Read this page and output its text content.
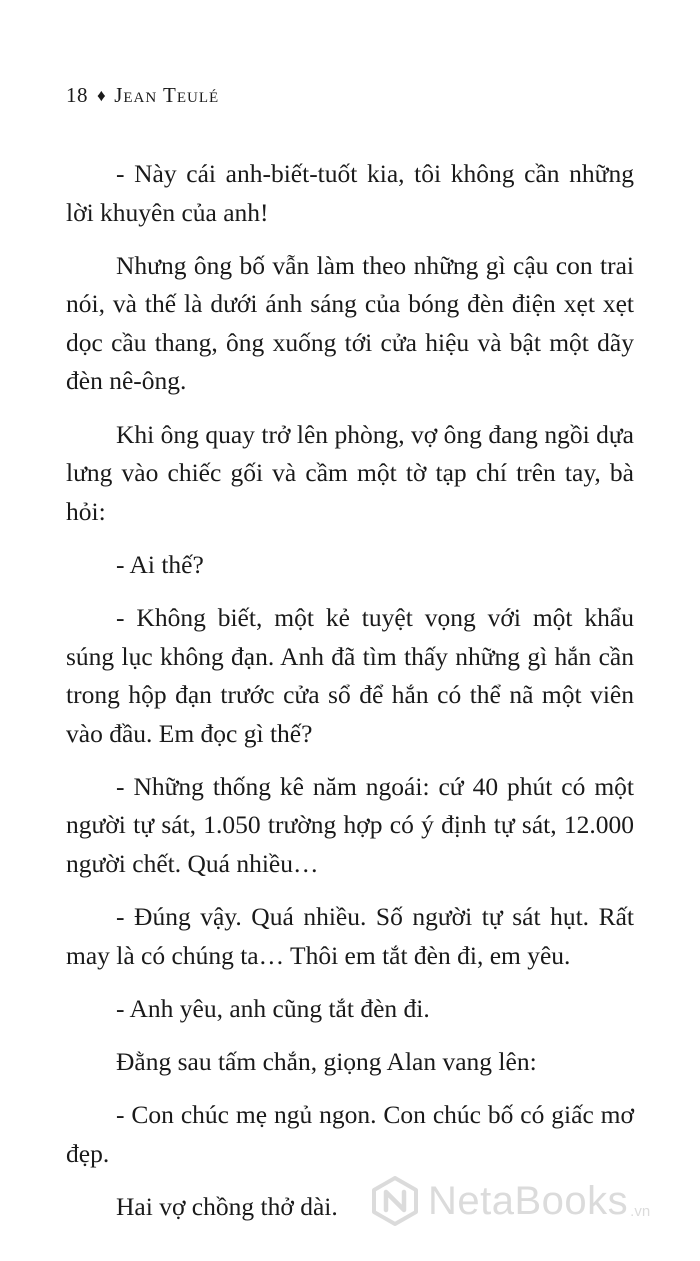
18 ♦ Jean Teulé

- Này cái anh-biết-tuốt kia, tôi không cần những lời khuyên của anh!

Nhưng ông bố vẫn làm theo những gì cậu con trai nói, và thế là dưới ánh sáng của bóng đèn điện xẹt xẹt dọc cầu thang, ông xuống tới cửa hiệu và bật một dãy đèn nê-ông.

Khi ông quay trở lên phòng, vợ ông đang ngồi dựa lưng vào chiếc gối và cầm một tờ tạp chí trên tay, bà hỏi:

- Ai thế?

- Không biết, một kẻ tuyệt vọng với một khẩu súng lục không đạn. Anh đã tìm thấy những gì hắn cần trong hộp đạn trước cửa sổ để hắn có thể nã một viên vào đầu. Em đọc gì thế?

- Những thống kê năm ngoái: cứ 40 phút có một người tự sát, 1.050 trường hợp có ý định tự sát, 12.000 người chết. Quá nhiều…

- Đúng vậy. Quá nhiều. Số người tự sát hụt. Rất may là có chúng ta… Thôi em tắt đèn đi, em yêu.

- Anh yêu, anh cũng tắt đèn đi.

Đằng sau tấm chắn, giọng Alan vang lên:

- Con chúc mẹ ngủ ngon. Con chúc bố có giấc mơ đẹp.

Hai vợ chồng thở dài.	NetaBooks .vn
